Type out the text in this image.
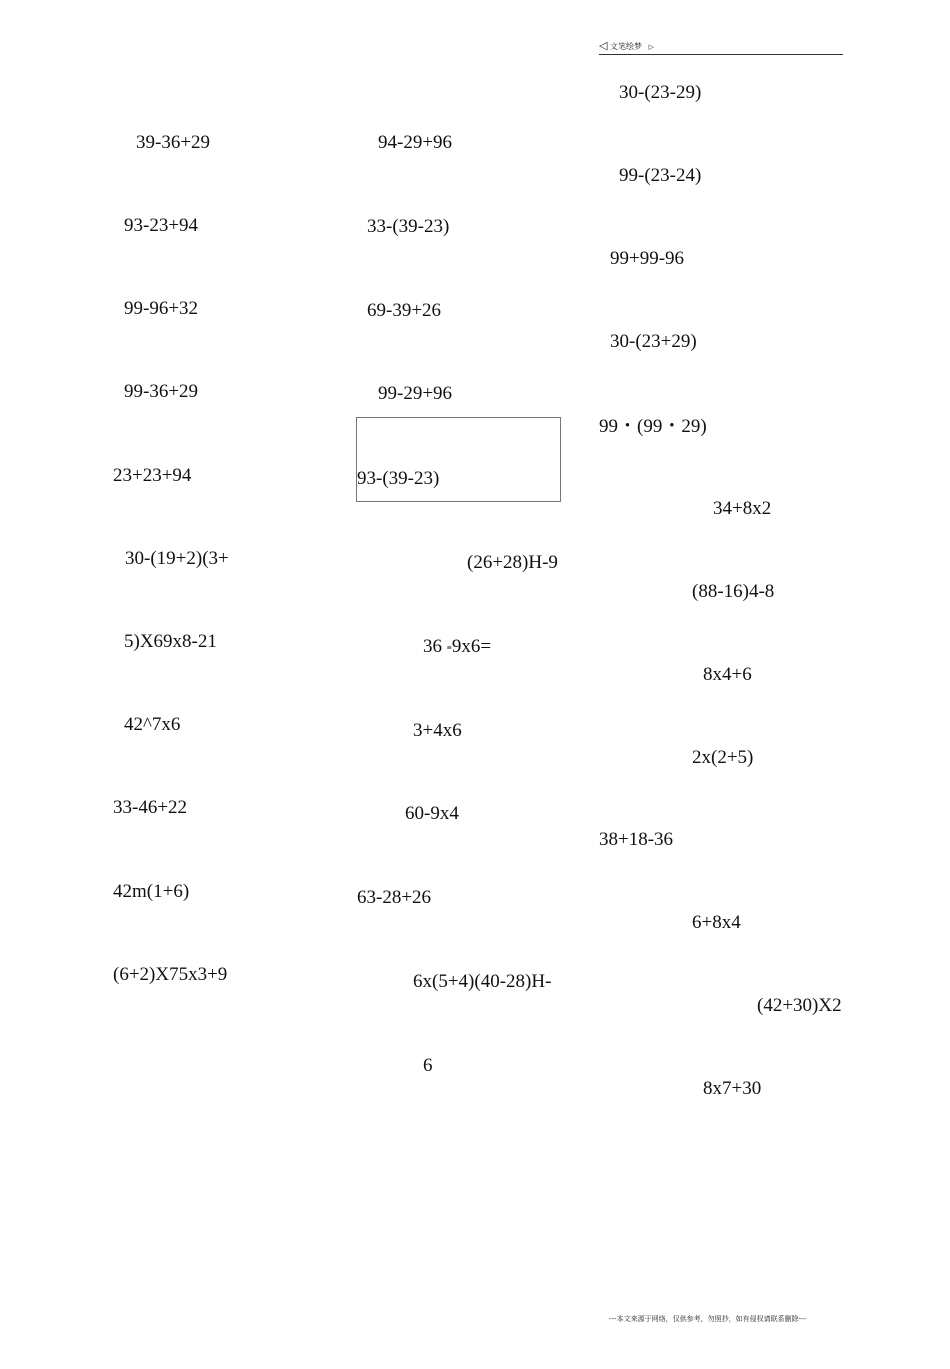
◁ 文笔绘梦 ▷
39-36+29
93-23+94
99-96+32
99-36+29
23+23+94
30-(19+2)(3+
5)X69x8-21
42^7x6
33-46+22
42m(1+6)
(6+2)X75x3+9
94-29+96
33-(39-23)
69-39+26
99-29+96
93-(39-23)
(26+28)H-9
36 ≡9x6=
3+4x6
60-9x4
63-28+26
6x(5+4)(40-28)H-
6
30-(23-29)
99-(23-24)
99+99-96
30-(23+29)
99・(99・29)
34+8x2
(88-16)4-8
8x4+6
2x(2+5)
38+18-36
6+8x4
(42+30)X2
8x7+30
---本文来源于网络，仅供参考，勿照抄，如有侵权请联系删除---
